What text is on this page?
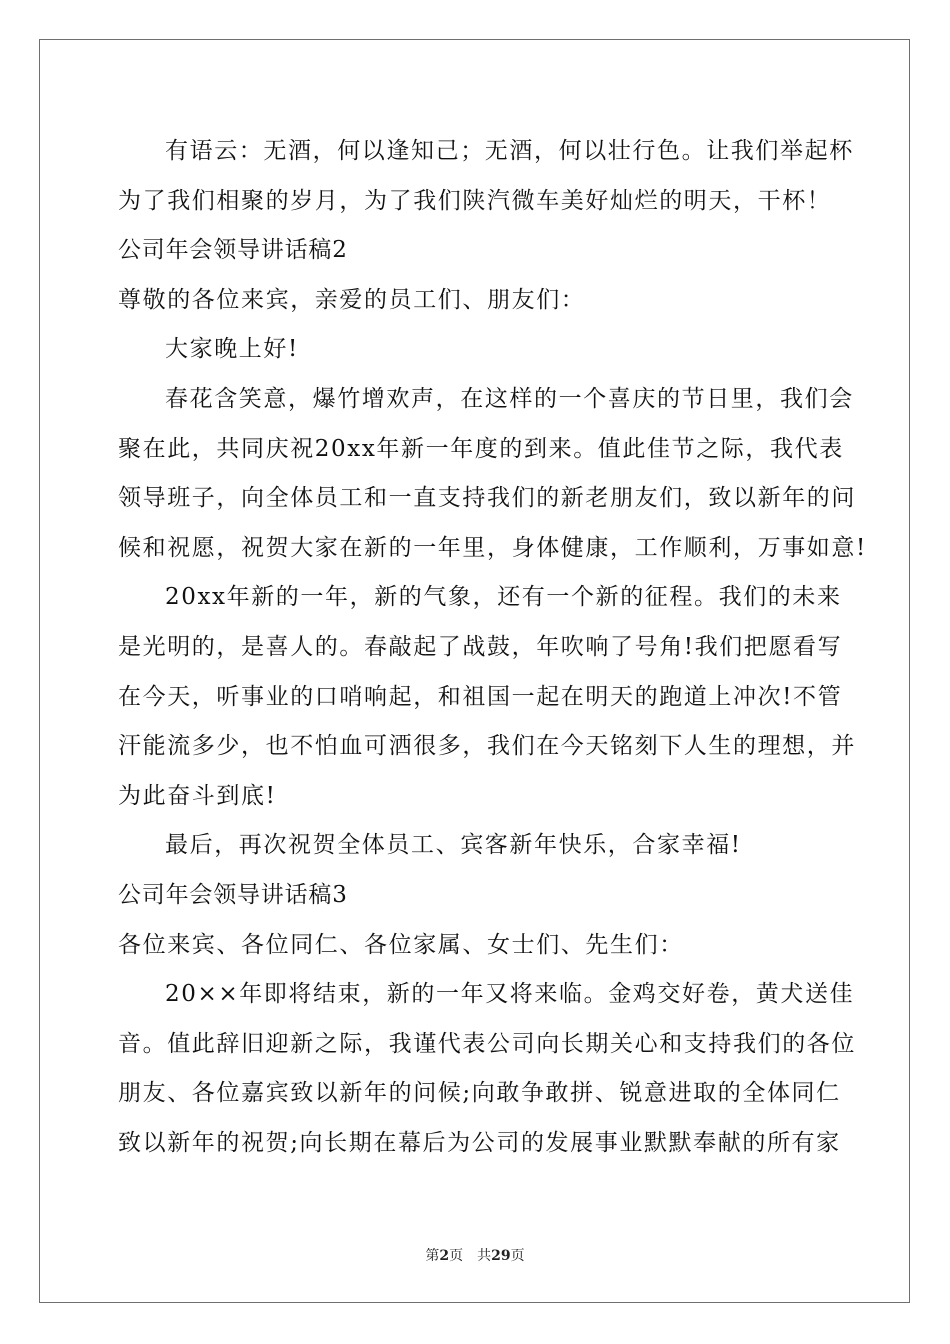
有语云：无酒，何以逢知己；无酒，何以壮行色。让我们举起杯
为了我们相聚的岁月，为了我们陕汽微车美好灿烂的明天，干杯！
公司年会领导讲话稿2
尊敬的各位来宾，亲爱的员工们、朋友们：
大家晚上好!
春花含笑意，爆竹增欢声，在这样的一个喜庆的节日里，我们会
聚在此，共同庆祝20xx年新一年度的到来。值此佳节之际，我代表
领导班子，向全体员工和一直支持我们的新老朋友们，致以新年的问
候和祝愿，祝贺大家在新的一年里，身体健康，工作顺利，万事如意!
20xx年新的一年，新的气象，还有一个新的征程。我们的未来
是光明的，是喜人的。春敲起了战鼓，年吹响了号角!我们把愿看写
在今天，听事业的口哨响起，和祖国一起在明天的跑道上冲次!不管
汗能流多少，也不怕血可洒很多，我们在今天铭刻下人生的理想，并
为此奋斗到底!
最后，再次祝贺全体员工、宾客新年快乐，合家幸福!
公司年会领导讲话稿3
各位来宾、各位同仁、各位家属、女士们、先生们：
20××年即将结束，新的一年又将来临。金鸡交好卷，黄犬送佳
音。值此辞旧迎新之际，我谨代表公司向长期关心和支持我们的各位
朋友、各位嘉宾致以新年的问候;向敢争敢拼、锐意进取的全体同仁
致以新年的祝贺;向长期在幕后为公司的发展事业默默奉献的所有家
第2页　共29页
